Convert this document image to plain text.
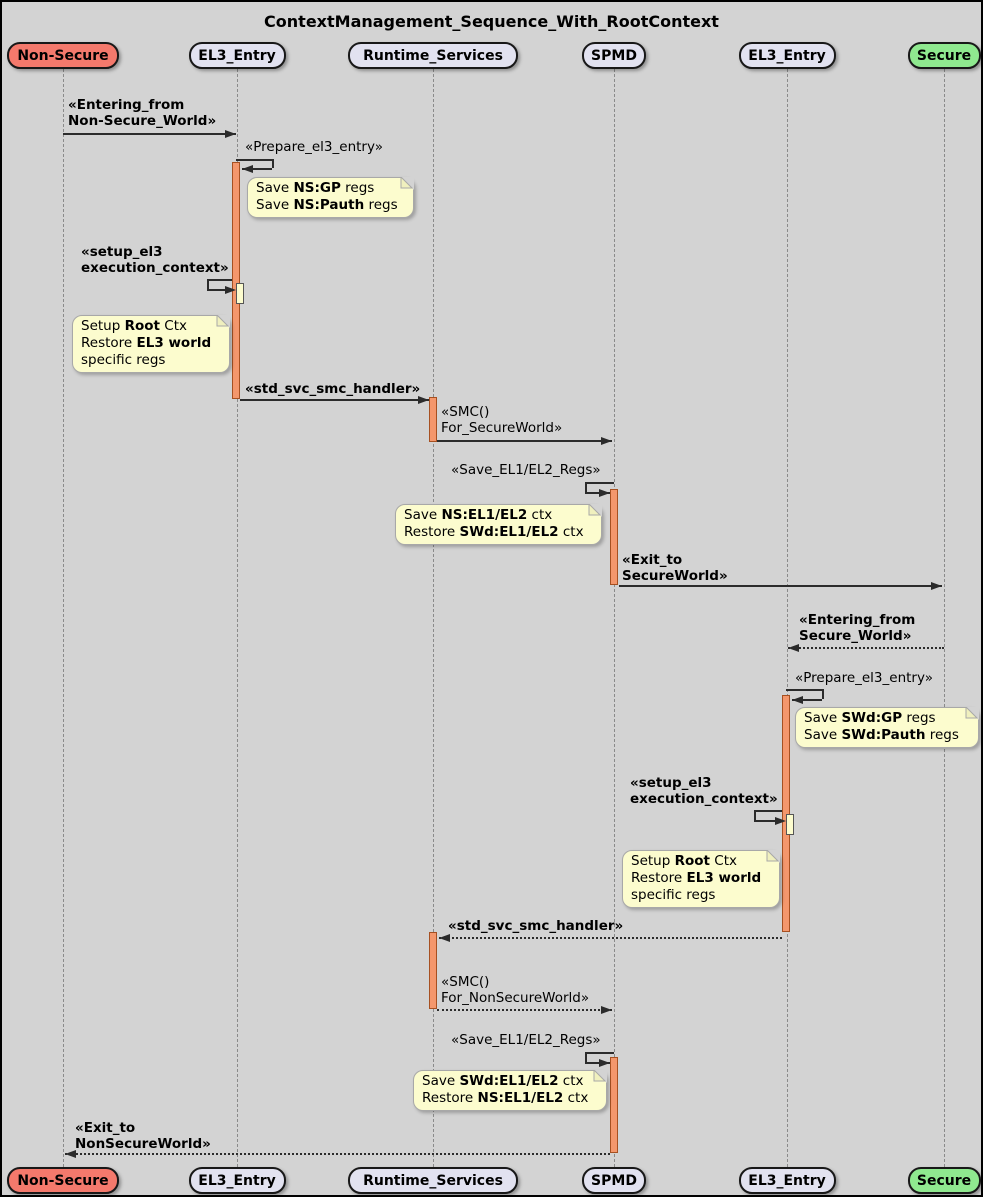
ContextManagement_Sequence_With_RootContext
Non-Secure	EL3_Entry	Runtime_Services	SPMD	EL3_Entry	Secure
Non-Secure	EL3_Entry	Runtime_Services	SPMD	EL3_Entry	Secure
«Entering_from
Non-Secure_World»
«Prepare_el3_entry»
«setup_el3
execution_context»
«std_svc_smc_handler»
«SMC()
For_SecureWorld»
«Save_EL1/EL2_Regs»
«Exit_to
SecureWorld»
«Entering_from
Secure_World»
«Prepare_el3_entry»
«setup_el3
execution_context»
«std_svc_smc_handler»
«SMC()
For_NonSecureWorld»
«Save_EL1/EL2_Regs»
«Exit_to
NonSecureWorld»
Save NS:GP regs
Save NS:Pauth regs
Setup Root Ctx
Restore EL3 world
specific regs
Save NS:EL1/EL2 ctx
Restore SWd:EL1/EL2 ctx
Save SWd:GP regs
Save SWd:Pauth regs
Setup Root Ctx
Restore EL3 world
specific regs
Save SWd:EL1/EL2 ctx
Restore NS:EL1/EL2 ctx
